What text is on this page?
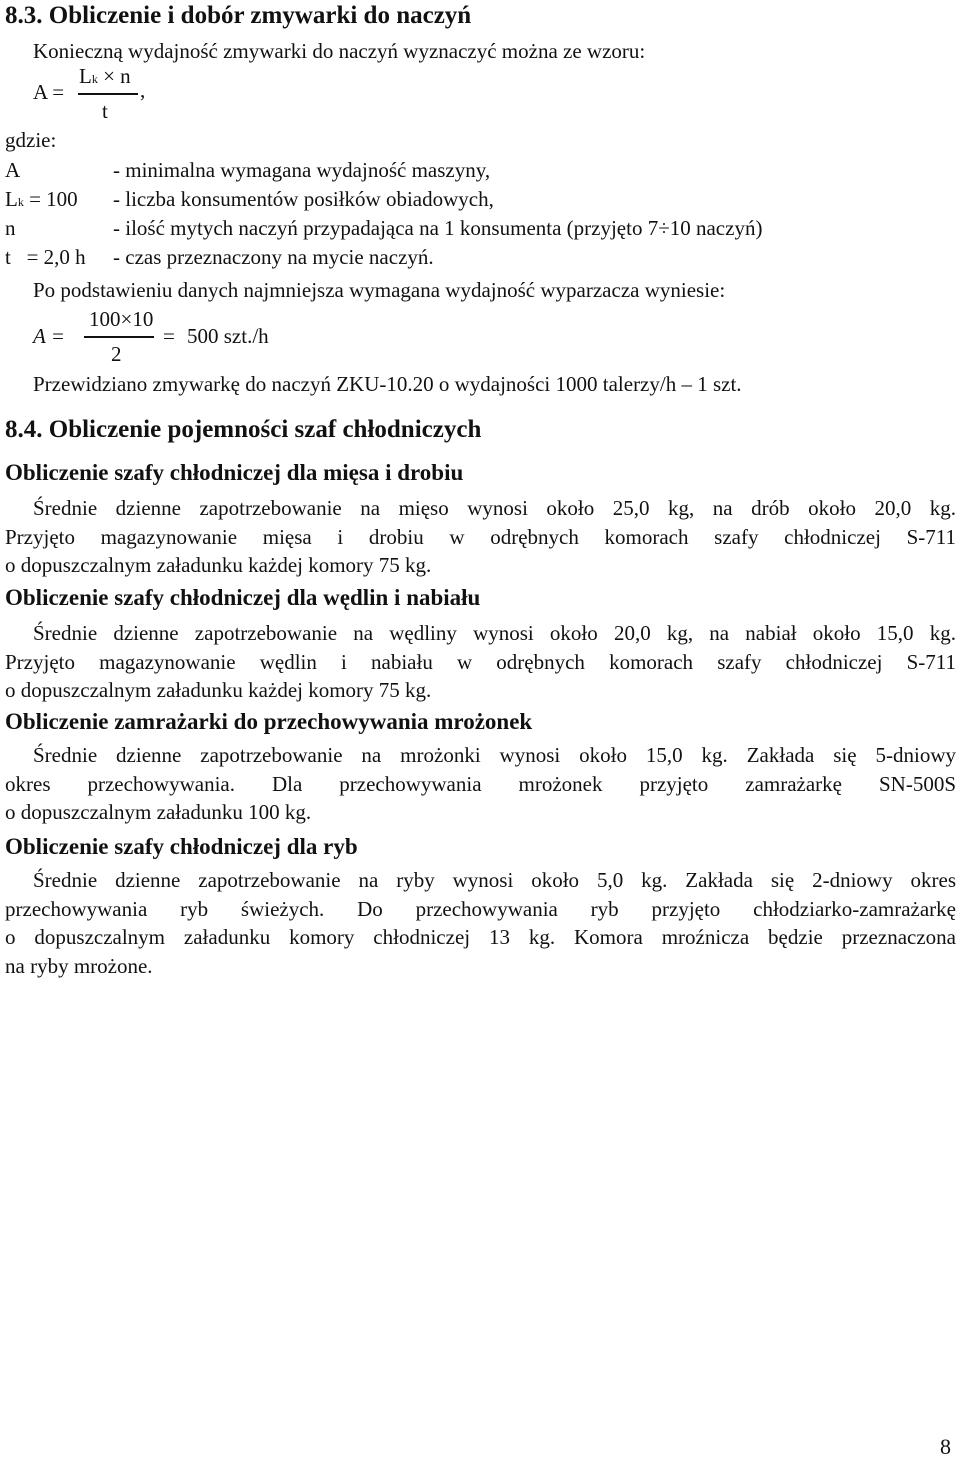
8.3. Obliczenie i dobór zmywarki do naczyń
Konieczną wydajność zmywarki do naczyń wyznaczyć można ze wzoru:
A =
Lk × n
,
t
gdzie:
A	- minimalna wymagana wydajność maszyny,
Lk = 100 - liczba konsumentów posiłków obiadowych,
n	- ilość mytych naczyń przypadająca na 1 konsumenta (przyjęto 7÷10 naczyń)
t   = 2,0 h - czas przeznaczony na mycie naczyń.
Po podstawieniu danych najmniejsza wymagana wydajność wyparzacza wyniesie:
A =
100×10
2
= 500 szt./h
Przewidziano zmywarkę do naczyń ZKU-10.20 o wydajności 1000 talerzy/h – 1 szt.
8.4. Obliczenie pojemności szaf chłodniczych
Obliczenie szafy chłodniczej dla mięsa i drobiu
Średnie dzienne zapotrzebowanie na mięso wynosi około 25,0 kg, na drób około 20,0 kg.
Przyjęto magazynowanie mięsa i drobiu w odrębnych komorach szafy chłodniczej S-711
o dopuszczalnym załadunku każdej komory 75 kg.
Obliczenie szafy chłodniczej dla wędlin i nabiału
Średnie dzienne zapotrzebowanie na wędliny wynosi około 20,0 kg, na nabiał około 15,0 kg.
Przyjęto magazynowanie wędlin i nabiału w odrębnych komorach szafy chłodniczej S-711
o dopuszczalnym załadunku każdej komory 75 kg.
Obliczenie zamrażarki do przechowywania mrożonek
Średnie dzienne zapotrzebowanie na mrożonki wynosi około 15,0 kg. Zakłada się 5-dniowy
okres przechowywania. Dla przechowywania mrożonek przyjęto zamrażarkę SN-500S
o dopuszczalnym załadunku 100 kg.
Obliczenie szafy chłodniczej dla ryb
Średnie dzienne zapotrzebowanie na ryby wynosi około 5,0 kg. Zakłada się 2-dniowy okres
przechowywania ryb świeżych. Do przechowywania ryb przyjęto chłodziarko-zamrażarkę
o dopuszczalnym załadunku komory chłodniczej 13 kg. Komora mroźnicza będzie przeznaczona
na ryby mrożone.
8
